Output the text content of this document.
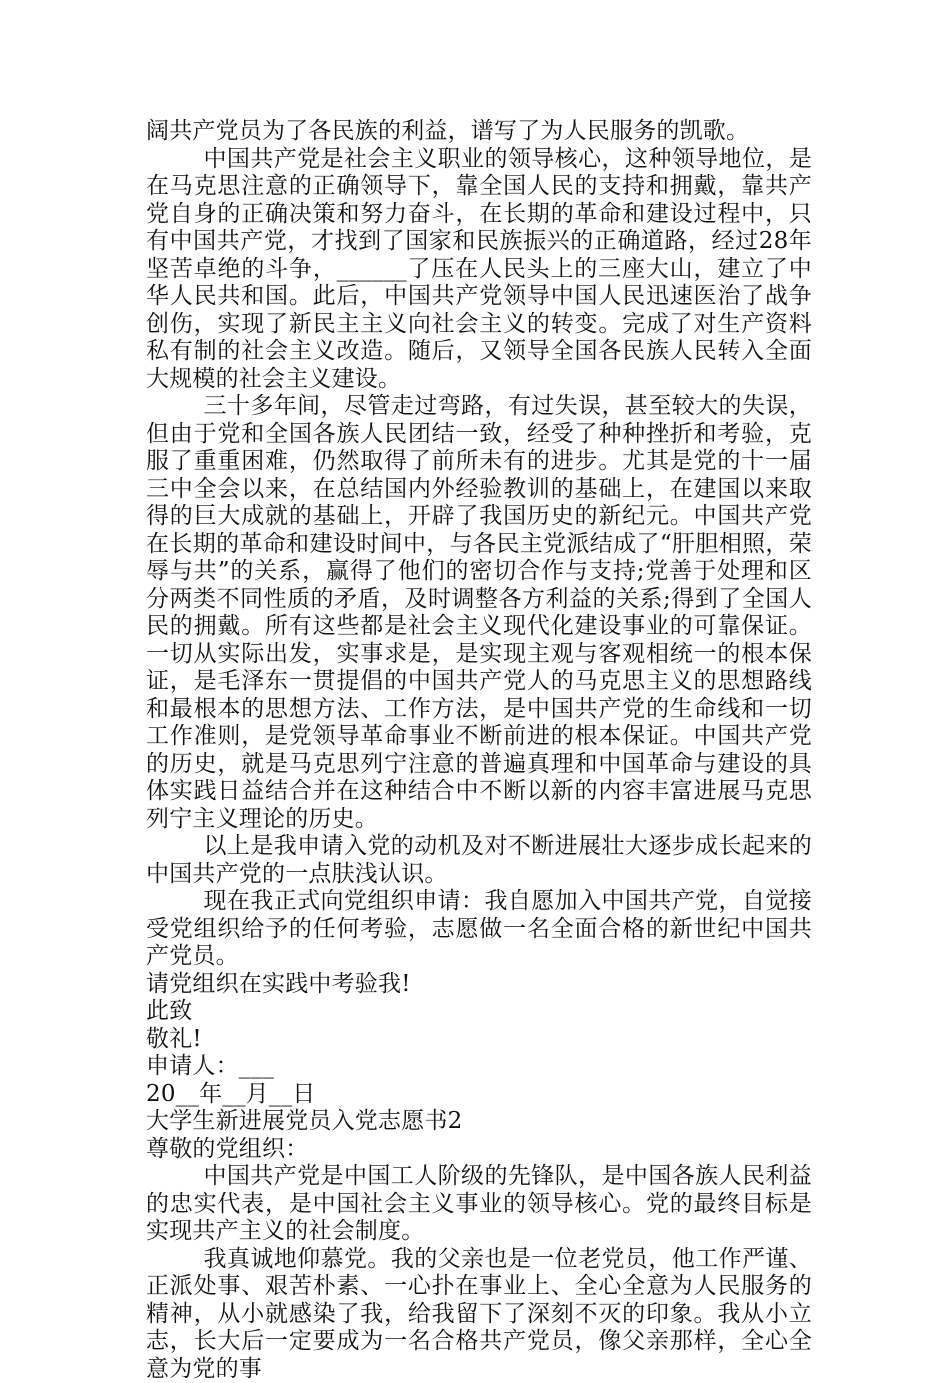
阔共产党员为了各民族的利益，谱写了为人民服务的凯歌。

中国共产党是社会主义职业的领导核心，这种领导地位，是在马克思注意的正确领导下，靠全国人民的支持和拥戴，靠共产党自身的正确决策和努力奋斗，在长期的革命和建设过程中，只有中国共产党，才找到了国家和民族振兴的正确道路，经过28年坚苦卓绝的斗争，______了压在人民头上的三座大山，建立了中华人民共和国。此后，中国共产党领导中国人民迅速医治了战争创伤，实现了新民主主义向社会主义的转变。完成了对生产资料私有制的社会主义改造。随后，又领导全国各民族人民转入全面大规模的社会主义建设。

三十多年间，尽管走过弯路，有过失误，甚至较大的失误，但由于党和全国各族人民团结一致，经受了种种挫折和考验，克服了重重困难，仍然取得了前所未有的进步。尤其是党的十一届三中全会以来，在总结国内外经验教训的基础上，在建国以来取得的巨大成就的基础上，开辟了我国历史的新纪元。中国共产党在长期的革命和建设时间中，与各民主党派结成了“肝胆相照，荣辱与共”的关系，赢得了他们的密切合作与支持;党善于处理和区分两类不同性质的矛盾，及时调整各方利益的关系;得到了全国人民的拥戴。所有这些都是社会主义现代化建设事业的可靠保证。一切从实际出发，实事求是，是实现主观与客观相统一的根本保证，是毛泽东一贯提倡的中国共产党人的马克思主义的思想路线和最根本的思想方法、工作方法，是中国共产党的生命线和一切工作准则，是党领导革命事业不断前进的根本保证。中国共产党的历史，就是马克思列宁注意的普遍真理和中国革命与建设的具体实践日益结合并在这种结合中不断以新的内容丰富进展马克思列宁主义理论的历史。

以上是我申请入党的动机及对不断进展壮大逐步成长起来的中国共产党的一点肤浅认识。

现在我正式向党组织申请：我自愿加入中国共产党，自觉接受党组织给予的任何考验，志愿做一名全面合格的新世纪中国共产党员。

请党组织在实践中考验我!

此致

敬礼!

申请人：___

20__年__月__日

大学生新进展党员入党志愿书2

尊敬的党组织：

中国共产党是中国工人阶级的先锋队，是中国各族人民利益的忠实代表，是中国社会主义事业的领导核心。党的最终目标是实现共产主义的社会制度。

我真诚地仰慕党。我的父亲也是一位老党员，他工作严谨、正派处事、艰苦朴素、一心扑在事业上、全心全意为人民服务的精神，从小就感染了我，给我留下了深刻不灭的印象。我从小立志，长大后一定要成为一名合格共产党员，像父亲那样，全心全意为党的事
